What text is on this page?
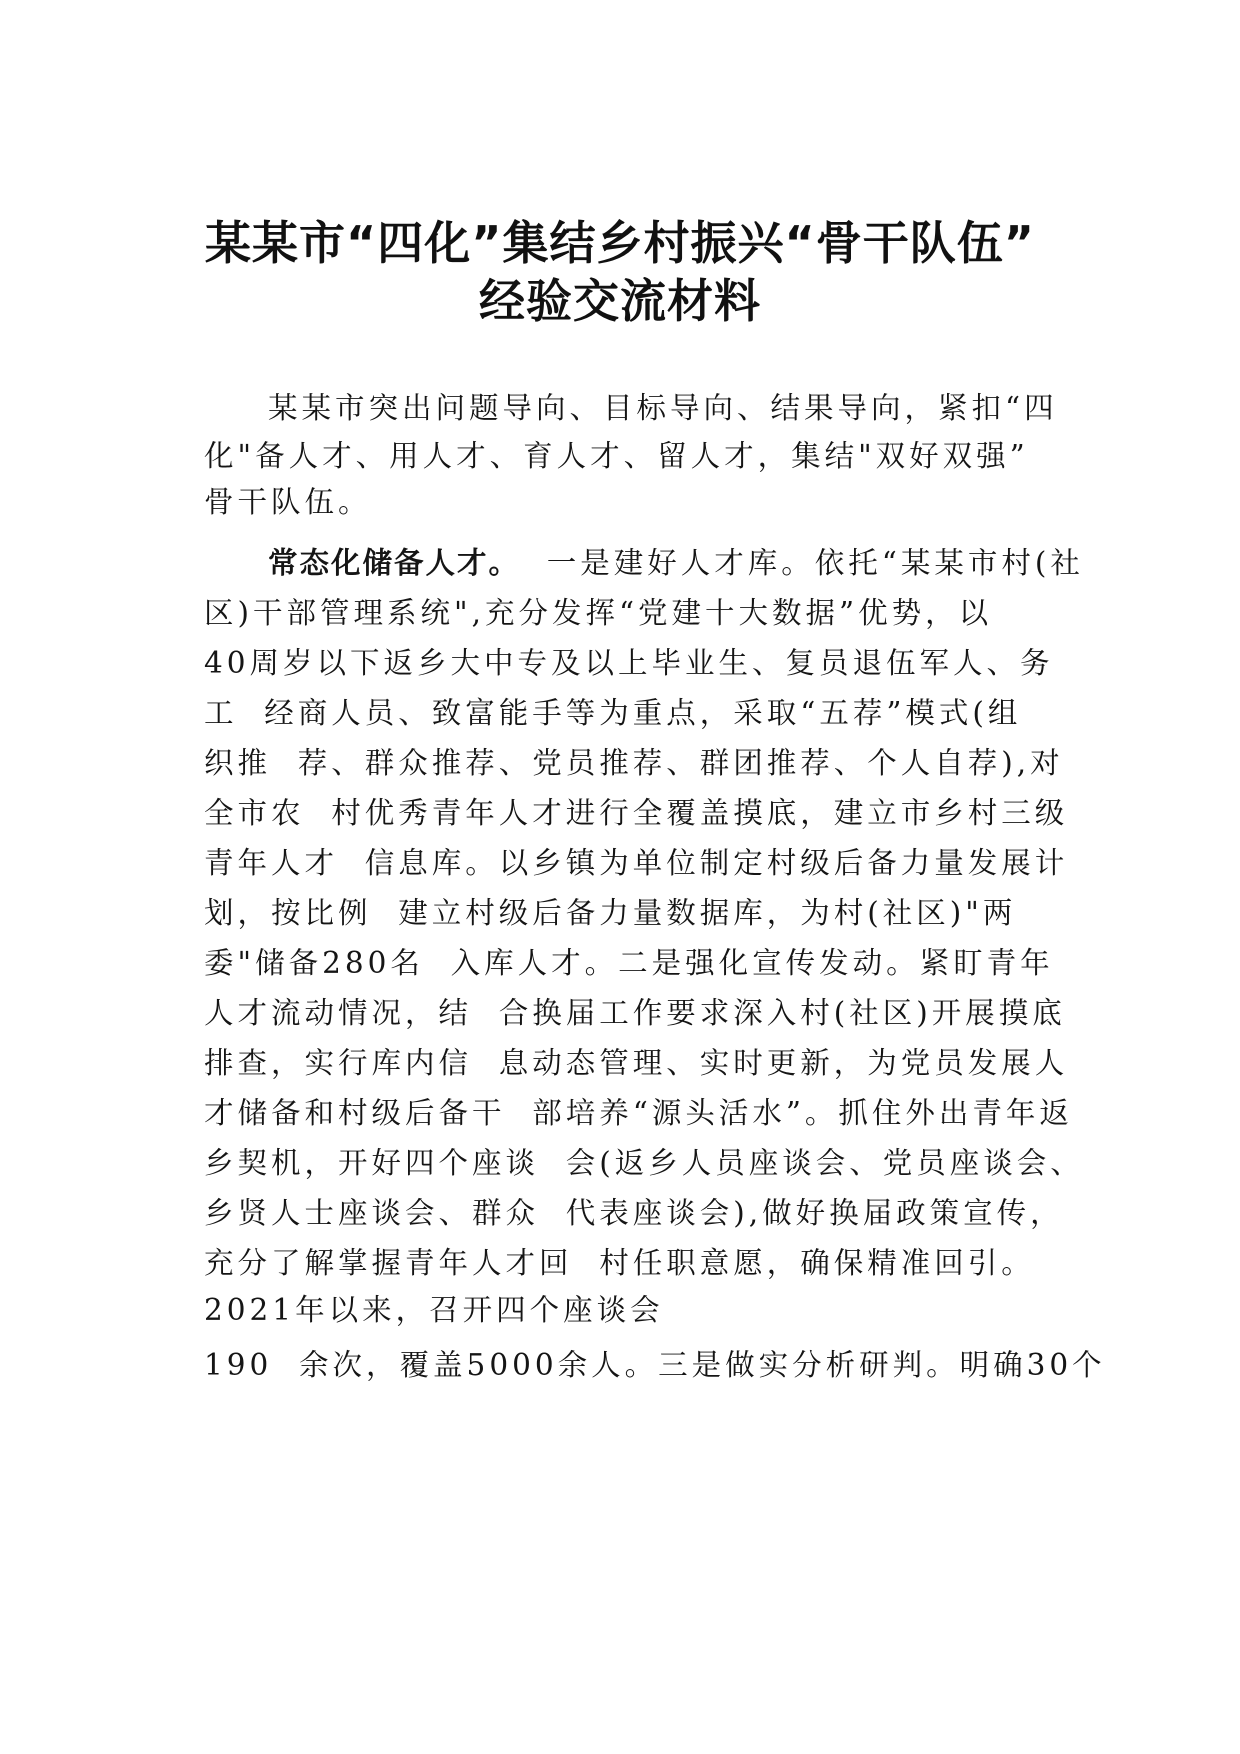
某某市“四化”集结乡村振兴“骨干队伍”
经验交流材料
某某市突出问题导向、目标导向、结果导向，紧扣“四
化"备人才、用人才、育人才、留人才，集结"双好双强”
骨干队伍。
常态化储备人才。  一是建好人才库。依托“某某市村(社
区)干部管理系统",充分发挥“党建十大数据”优势，以
40周岁以下返乡大中专及以上毕业生、复员退伍军人、务
工  经商人员、致富能手等为重点，采取“五荐”模式(组
织推  荐、群众推荐、党员推荐、群团推荐、个人自荐),对
全市农  村优秀青年人才进行全覆盖摸底，建立市乡村三级
青年人才  信息库。以乡镇为单位制定村级后备力量发展计
划，按比例  建立村级后备力量数据库，为村(社区)"两
委"储备280名  入库人才。二是强化宣传发动。紧盯青年
人才流动情况，结  合换届工作要求深入村(社区)开展摸底
排查，实行库内信  息动态管理、实时更新，为党员发展人
才储备和村级后备干  部培养“源头活水”。抓住外出青年返
乡契机，开好四个座谈  会(返乡人员座谈会、党员座谈会、
乡贤人士座谈会、群众  代表座谈会),做好换届政策宣传，
充分了解掌握青年人才回  村任职意愿，确保精准回引。
2021年以来，召开四个座谈会
190  余次，覆盖5000余人。三是做实分析研判。明确30个
